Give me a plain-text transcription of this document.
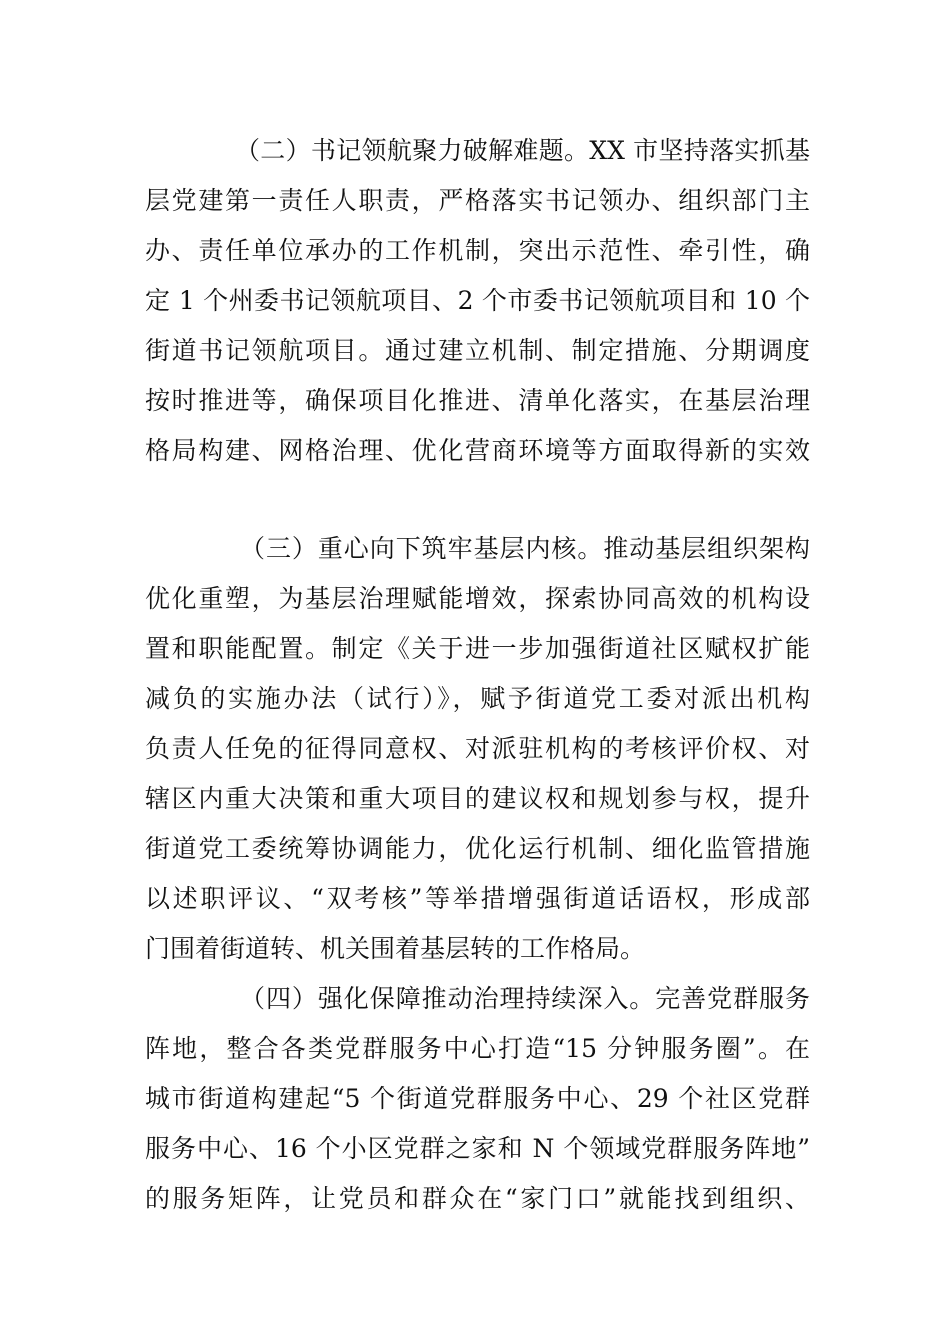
（二）书记领航聚力破解难题。XX 市坚持落实抓基
层党建第一责任人职责，严格落实书记领办、组织部门主
办、责任单位承办的工作机制，突出示范性、牵引性，确
定 1 个州委书记领航项目、2 个市委书记领航项目和 10 个
街道书记领航项目。通过建立机制、制定措施、分期调度
按时推进等，确保项目化推进、清单化落实，在基层治理
格局构建、网格治理、优化营商环境等方面取得新的实效
（三）重心向下筑牢基层内核。推动基层组织架构
优化重塑，为基层治理赋能增效，探索协同高效的机构设
置和职能配置。制定《关于进一步加强街道社区赋权扩能
减负的实施办法（试行）》，赋予街道党工委对派出机构
负责人任免的征得同意权、对派驻机构的考核评价权、对
辖区内重大决策和重大项目的建议权和规划参与权，提升
街道党工委统筹协调能力，优化运行机制、细化监管措施
以述职评议、“双考核”等举措增强街道话语权，形成部
门围着街道转、机关围着基层转的工作格局。
（四）强化保障推动治理持续深入。完善党群服务
阵地，整合各类党群服务中心打造“15 分钟服务圈”。在
城市街道构建起“5 个街道党群服务中心、29 个社区党群
服务中心、16 个小区党群之家和 N 个领域党群服务阵地”
的服务矩阵，让党员和群众在“家门口”就能找到组织、
